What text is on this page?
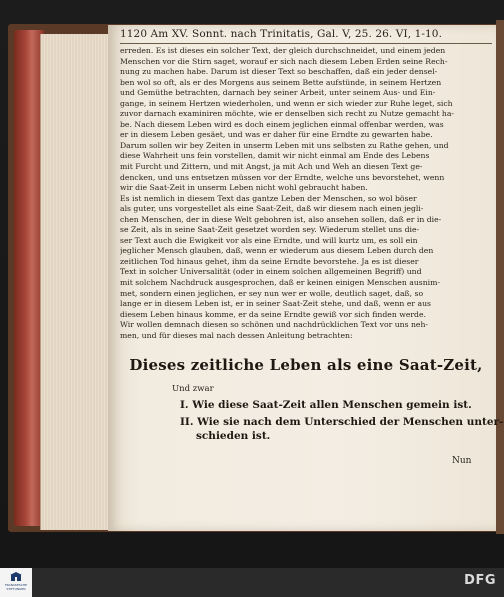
1120 Am XV. Sonnt. nach Trinitatis, Gal. V, 25. 26. VI, 1-10.
erreden. Es ist dieses ein solcher Text, der gleich durchschneidet, und einem jeden
Menschen vor die Stirn saget, worauf er sich nach diesem Leben Erden seine Rech-
nung zu machen habe. Darum ist dieser Text so beschaffen, daß ein jeder densel-
ben wol so oft, als er des Morgens aus seinem Bette aufstünde, in seinem Hertzen
und Gemüthe betrachten, darnach bey seiner Arbeit, unter seinem Aus- und Ein-
gange, in seinem Hertzen wiederholen, und wenn er sich wieder zur Ruhe leget, sich
zuvor darnach examiniren möchte, wie er denselben sich recht zu Nutze gemacht ha-
be. Nach diesem Leben wird es doch einem jeglichen einmal offenbar werden, was
er in diesem Leben gesäet, und was er daher für eine Erndte zu gewarten habe.
Darum sollen wir bey Zeiten in unserm Leben mit uns selbsten zu Rathe gehen, und
diese Wahrheit uns fein vorstellen, damit wir nicht einmal am Ende des Lebens
mit Furcht und Zittern, und mit Angst, ja mit Ach und Weh an diesen Text ge-
dencken, und uns entsetzen müssen vor der Erndte, welche uns bevorstehet, wenn
wir die Saat-Zeit in unserm Leben nicht wohl gebraucht haben.
Es ist nemlich in diesem Text das gantze Leben der Menschen, so wol böser
als guter, uns vorgestellet als eine Saat-Zeit, daß wir diesem nach einen jegli-
chen Menschen, der in diese Welt gebohren ist, also ansehen sollen, daß er in die-
se Zeit, als in seine Saat-Zeit gesetzet worden sey. Wiederum stellet uns die-
ser Text auch die Ewigkeit vor als eine Erndte, und will kurtz um, es soll ein
jeglicher Mensch glauben, daß, wenn er wiederum aus diesem Leben durch den
zeitlichen Tod hinaus gehet, ihm da seine Erndte bevorstehe. Ja es ist dieser
Text in solcher Universalität (oder in einem solchen allgemeinen Begriff) und
mit solchem Nachdruck ausgesprochen, daß er keinen einigen Menschen ausnim-
met, sondern einen jeglichen, er sey nun wer er wolle, deutlich saget, daß, so
lange er in diesem Leben ist, er in seiner Saat-Zeit stehe, und daß, wenn er aus
diesem Leben hinaus komme, er da seine Erndte gewiß vor sich finden werde.
Wir wollen demnach diesen so schönen und nachdrücklichen Text vor uns neh-
men, und für dieses mal nach dessen Anleitung betrachten:
Dieses zeitliche Leben als eine Saat-Zeit,
Und zwar
I. Wie diese Saat-Zeit allen Menschen gemein ist.
II. Wie sie nach dem Unterschied der Menschen unter-
schieden ist.
Nun
FRANCKESCHE
STIFTUNGEN
DFG
